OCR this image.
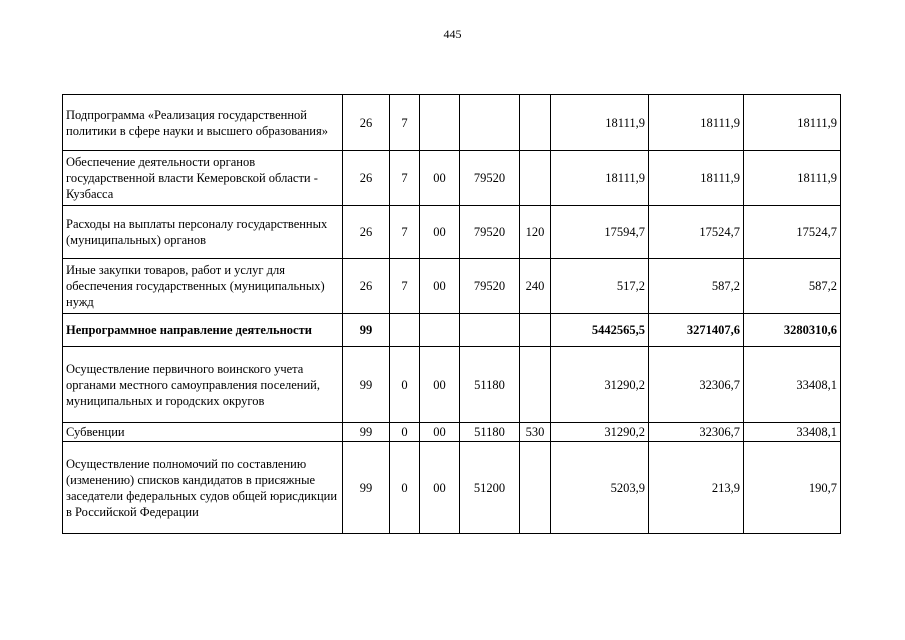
445
Подпрограмма «Реализация государственной политики в сфере науки и высшего образования»	26	7				18111,9	18111,9	18111,9
Обеспечение деятельности органов государственной власти Кемеровской области - Кузбасса	26	7	00	79520		18111,9	18111,9	18111,9
Расходы на выплаты персоналу государственных (муниципальных) органов	26	7	00	79520	120	17594,7	17524,7	17524,7
Иные закупки товаров, работ и услуг для обеспечения государственных (муниципальных) нужд	26	7	00	79520	240	517,2	587,2	587,2
Непрограммное направление деятельности	99					5442565,5	3271407,6	3280310,6
Осуществление первичного воинского учета органами местного самоуправления поселений, муниципальных и городских округов	99	0	00	51180		31290,2	32306,7	33408,1
Субвенции	99	0	00	51180	530	31290,2	32306,7	33408,1
Осуществление полномочий по составлению (изменению) списков кандидатов в присяжные заседатели федеральных судов общей юрисдикции в Российской Федерации	99	0	00	51200		5203,9	213,9	190,7
